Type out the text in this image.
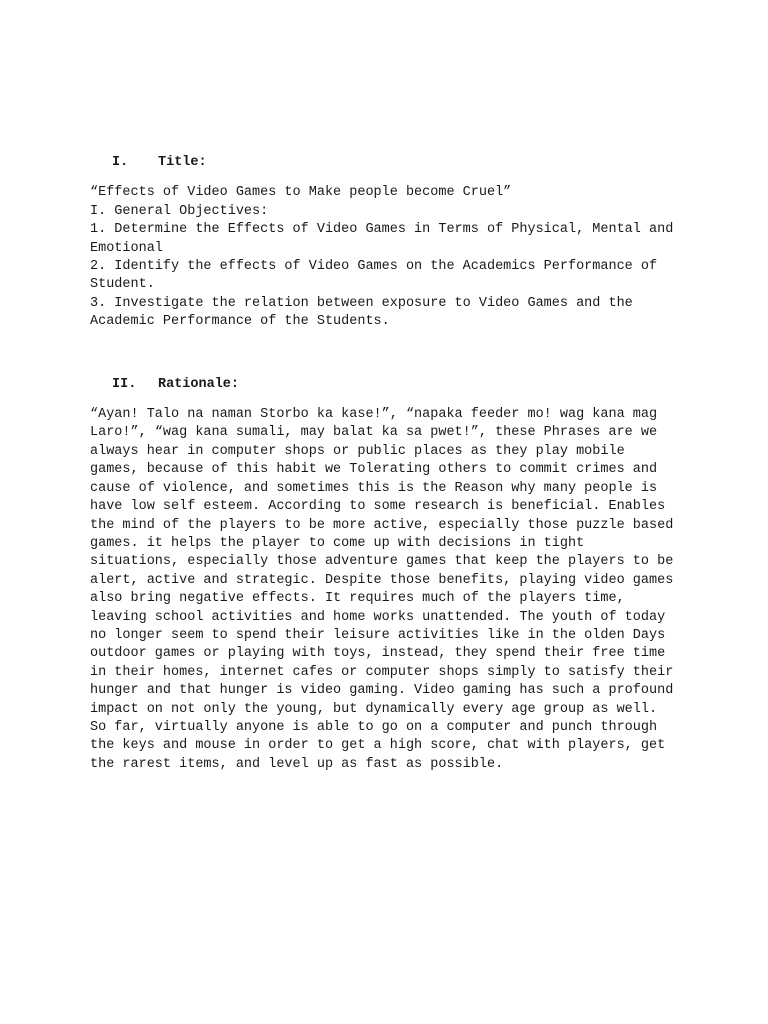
I. Title:

“Effects of Video Games to Make people become Cruel”

I. General Objectives:

1. Determine the Effects of Video Games in Terms of Physical, Mental and Emotional

2. Identify the effects of Video Games on the Academics Performance of Student.

3. Investigate the relation between exposure to Video Games and the Academic Performance of the Students.

II. Rationale:

“Ayan! Talo na naman Storbo ka kase!”, “napaka feeder mo! wag kana mag Laro!”, “wag kana sumali, may balat ka sa pwet!”, these Phrases are we always hear in computer shops or public places as they play mobile games, because of this habit we Tolerating others to commit crimes and cause of violence, and sometimes this is the Reason why many people is have low self esteem. According to some research is beneficial. Enables the mind of the players to be more active, especially those puzzle based games. it helps the player to come up with decisions in tight situations, especially those adventure games that keep the players to be alert, active and strategic. Despite those benefits, playing video games also bring negative effects. It requires much of the players time, leaving school activities and home works unattended. The youth of today no longer seem to spend their leisure activities like in the olden Days outdoor games or playing with toys, instead, they spend their free time in their homes, internet cafes or computer shops simply to satisfy their hunger and that hunger is video gaming. Video gaming has such a profound impact on not only the young, but dynamically every age group as well. So far, virtually anyone is able to go on a computer and punch through the keys and mouse in order to get a high score, chat with players, get the rarest items, and level up as fast as possible.
